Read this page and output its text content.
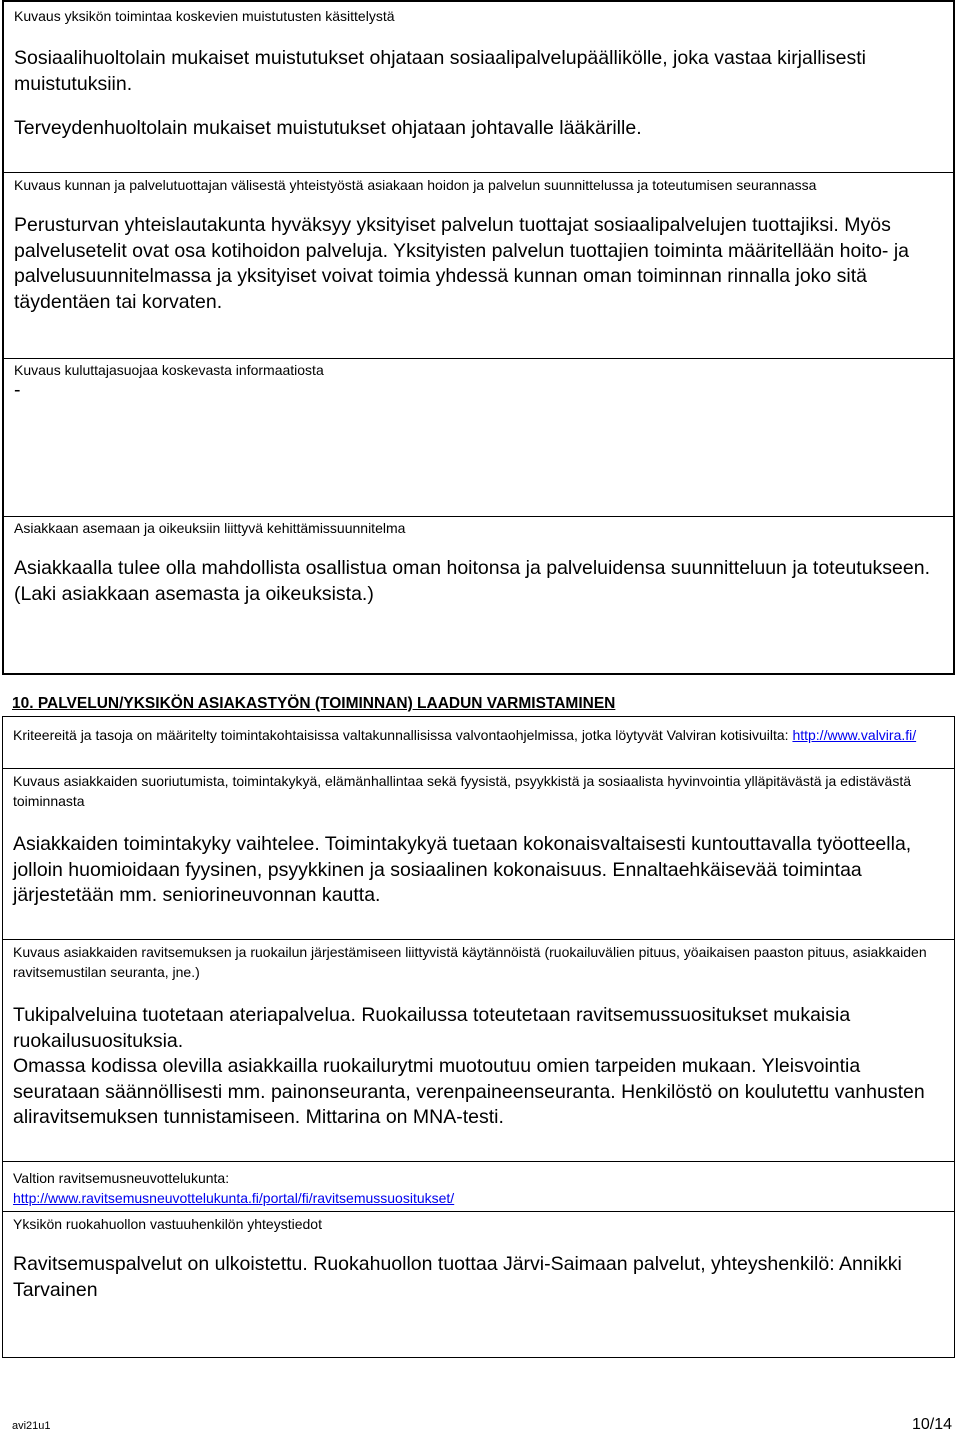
Kuvaus yksikön toimintaa koskevien muistutusten käsittelystä

Sosiaalihuoltolain mukaiset muistutukset ohjataan sosiaalipalvelupäällikölle, joka vastaa kirjallisesti muistutuksiin.

Terveydenhuoltolain mukaiset muistutukset ohjataan johtavalle lääkärille.

Kuvaus kunnan ja palvelutuottajan välisestä yhteistyöstä asiakaan hoidon ja palvelun suunnittelussa ja toteutumisen seurannassa

Perusturvan yhteislautakunta hyväksyy yksityiset palvelun tuottajat sosiaalipalvelujen tuottajiksi. Myös palvelusetelit ovat osa kotihoidon palveluja. Yksityisten palvelun tuottajien toiminta määritellään hoito- ja palvelusuunnitelmassa ja yksityiset voivat toimia yhdessä kunnan oman toiminnan rinnalla joko sitä täydentäen tai korvaten.

Kuvaus kuluttajasuojaa koskevasta informaatiosta

-

Asiakkaan asemaan ja oikeuksiin liittyvä kehittämissuunnitelma

Asiakkaalla tulee olla mahdollista osallistua oman hoitonsa ja palveluidensa suunnitteluun ja toteutukseen. (Laki asiakkaan asemasta ja oikeuksista.)

10. PALVELUN/YKSIKÖN ASIAKASTYÖN (TOIMINNAN) LAADUN VARMISTAMINEN

Kriteereitä ja tasoja on määritelty toimintakohtaisissa valtakunnallisissa valvontaohjelmissa, jotka löytyvät Valviran kotisivuilta: http://www.valvira.fi/

Kuvaus asiakkaiden suoriutumista, toimintakykyä, elämänhallintaa sekä fyysistä, psyykkistä ja sosiaalista hyvinvointia ylläpitävästä ja edistävästä toiminnasta

Asiakkaiden toimintakyky vaihtelee. Toimintakykyä tuetaan kokonaisvaltaisesti kuntouttavalla työotteella, jolloin huomioidaan fyysinen, psyykkinen ja sosiaalinen kokonaisuus. Ennaltaehkäisevää toimintaa järjestetään mm. seniorineuvonnan kautta.

Kuvaus asiakkaiden ravitsemuksen ja ruokailun järjestämiseen liittyvistä käytännöistä (ruokailuvälien pituus, yöaikaisen paaston pituus, asiakkaiden ravitsemustilan seuranta, jne.)

Tukipalveluina tuotetaan ateriapalvelua. Ruokailussa toteutetaan ravitsemussuositukset mukaisia ruokailusuosituksia.

Omassa kodissa olevilla asiakkailla ruokailurytmi muotoutuu omien tarpeiden mukaan. Yleisvointia seurataan säännöllisesti mm. painonseuranta, verenpaineenseuranta. Henkilöstö on koulutettu vanhusten aliravitsemuksen tunnistamiseen. Mittarina on MNA-testi.

Valtion ravitsemusneuvottelukunta:

http://www.ravitsemusneuvottelukunta.fi/portal/fi/ravitsemussuositukset/

Yksikön ruokahuollon vastuuhenkilön yhteystiedot

Ravitsemuspalvelut on ulkoistettu. Ruokahuollon tuottaa Järvi-Saimaan palvelut, yhteyshenkilö: Annikki Tarvainen

avi21u1	10/14
